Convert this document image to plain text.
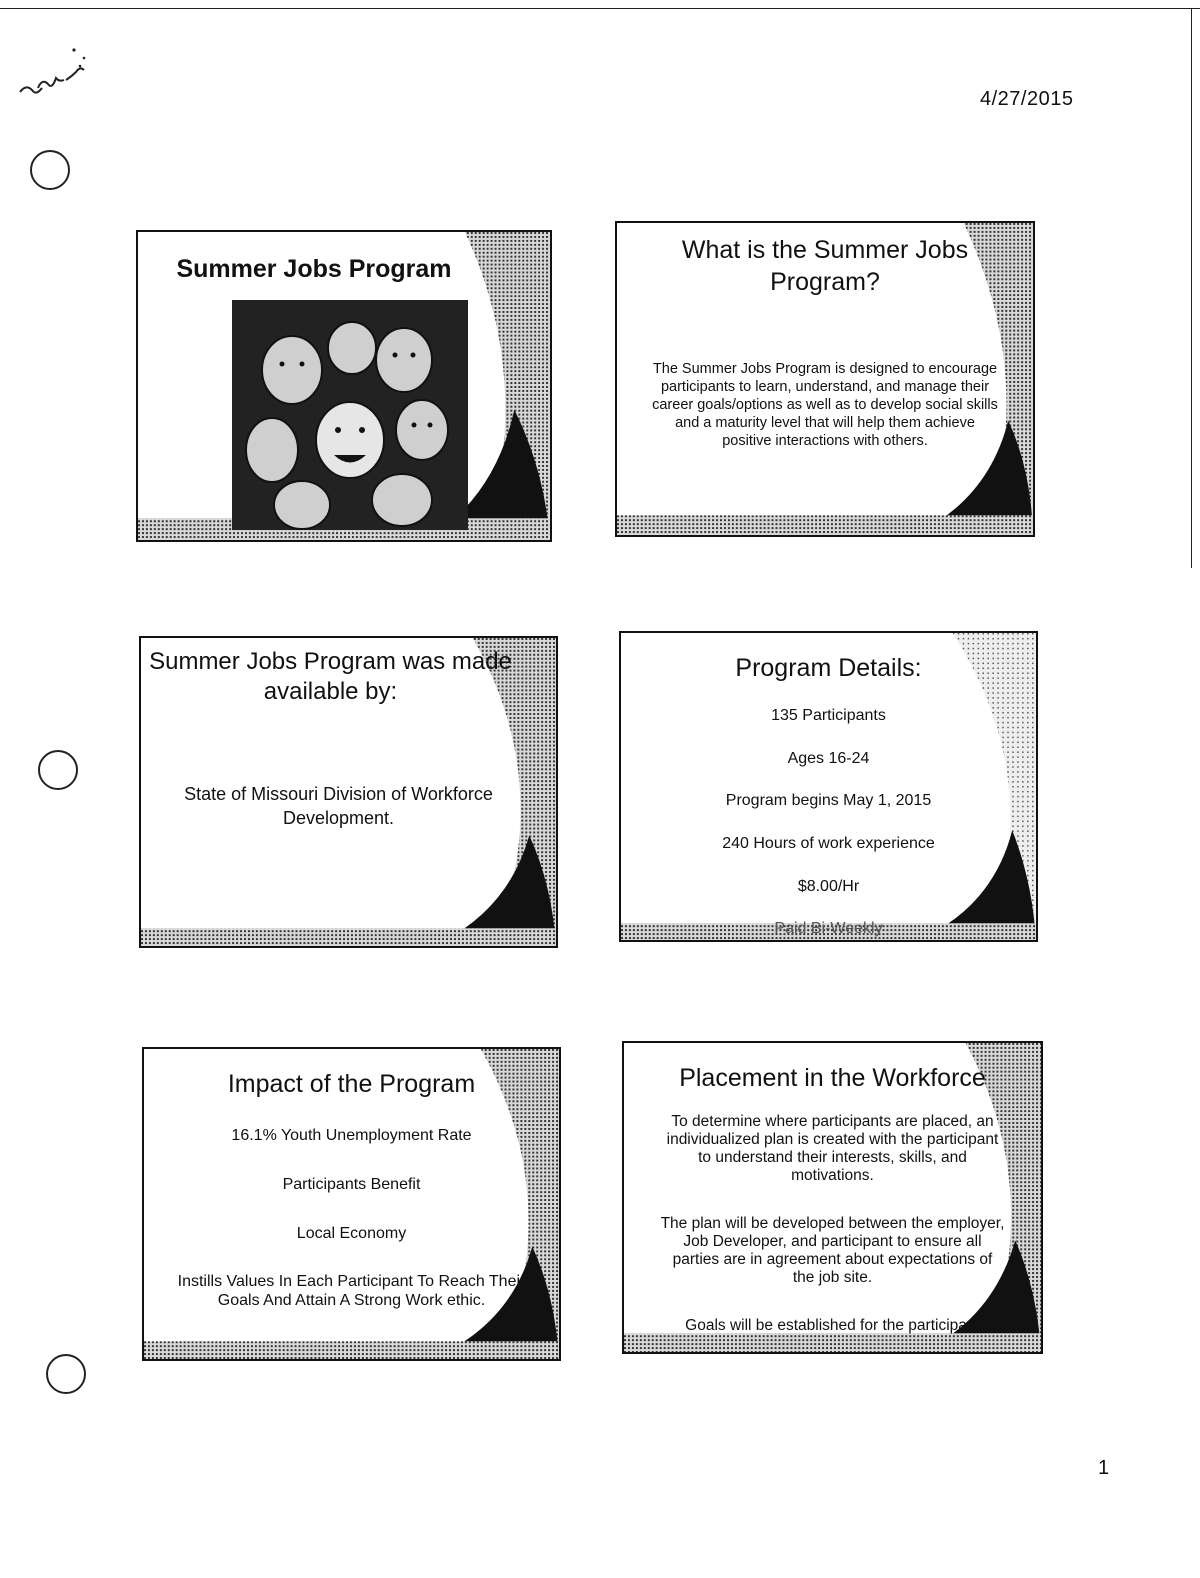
4/27/2015
1
Summer Jobs Program
What is the Summer Jobs
Program?
The Summer Jobs Program is designed to encourage
participants to learn, understand, and manage their
career goals/options as well as to develop social skills
and a maturity level that will help them achieve
positive interactions with others.
Summer Jobs Program was made
available by:
State of Missouri Division of Workforce
Development.
Program Details:
135 Participants
Ages 16-24
Program begins May 1, 2015
240 Hours of work experience
$8.00/Hr
Paid Bi-Weekly
Impact of the Program
16.1% Youth Unemployment Rate
Participants Benefit
Local Economy
Instills Values In Each Participant To Reach Their
Goals And Attain A Strong Work ethic.
Placement in the Workforce
To determine where participants are placed, an
individualized plan is created with the participant
to understand their interests, skills, and
motivations.
The plan will be developed between the employer,
Job Developer, and participant to ensure all
parties are in agreement about expectations of
the job site.
Goals will be established for the participant
